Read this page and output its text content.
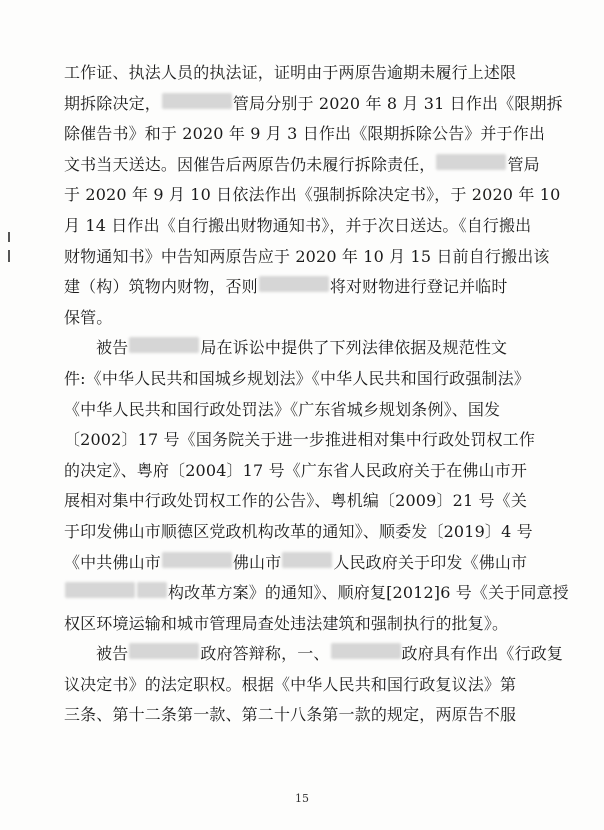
工作证、执法人员的执法证，证明由于两原告逾期未履行上述限
期拆除决定，	管局分别于 2020 年 8 月 31 日作出《限期拆
除催告书》和于 2020 年 9 月 3 日作出《限期拆除公告》并于作出
文书当天送达。因催告后两原告仍未履行拆除责任，	管局
于 2020 年 9 月 10 日依法作出《强制拆除决定书》，于 2020 年 10
月 14 日作出《自行搬出财物通知书》，并于次日送达。《自行搬出
财物通知书》中告知两原告应于 2020 年 10 月 15 日前自行搬出该
建（构）筑物内财物，否则	将对财物进行登记并临时
保管。
被告	局在诉讼中提供了下列法律依据及规范性文
件:《中华人民共和国城乡规划法》《中华人民共和国行政强制法》
《中华人民共和国行政处罚法》《广东省城乡规划条例》、国发
〔2002〕17 号《国务院关于进一步推进相对集中行政处罚权工作
的决定》、粤府〔2004〕17 号《广东省人民政府关于在佛山市开
展相对集中行政处罚权工作的公告》、粤机编〔2009〕21 号《关
于印发佛山市顺德区党政机构改革的通知》、顺委发〔2019〕4 号
《中共佛山市	佛山市	人民政府关于印发《佛山市
构改革方案》的通知》、顺府复[2012]6 号《关于同意授
权区环境运输和城市管理局查处违法建筑和强制执行的批复》。
被告	政府答辩称，一、	政府具有作出《行政复
议决定书》的法定职权。根据《中华人民共和国行政复议法》第
三条、第十二条第一款、第二十八条第一款的规定，两原告不服
15
